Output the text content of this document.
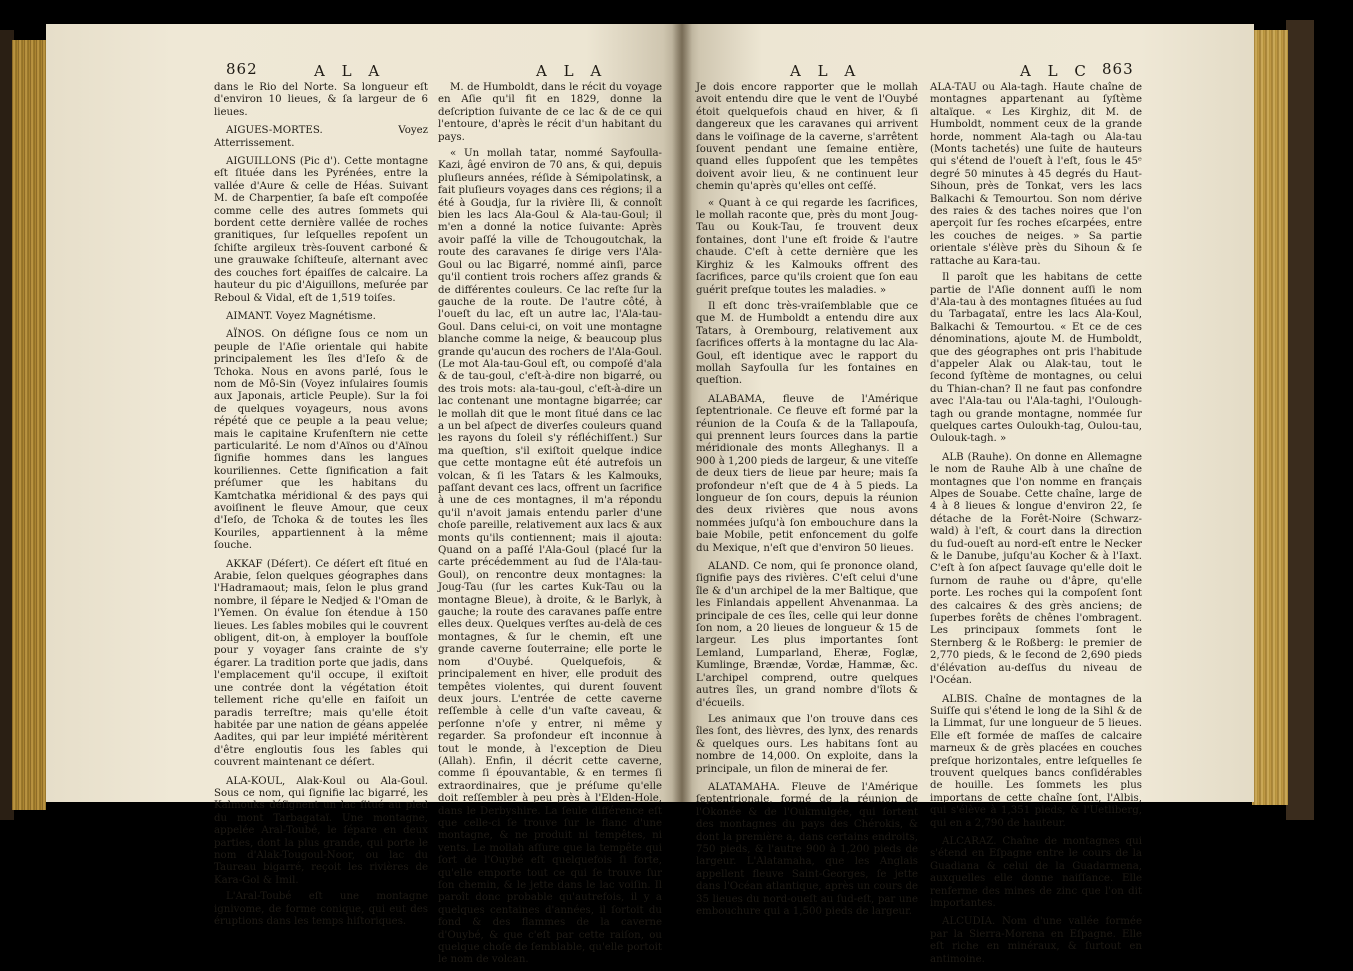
862	A L A	A L A

dans le Rio del Norte. Sa longueur eſt d'environ 10 lieues, & ſa largeur de 6 lieues.

AIGUES-MORTES. Voyez Atterrissement.

AIGUILLONS (Pic d'). Cette montagne eſt ſituée dans les Pyrénées, entre la vallée d'Aure & celle de Héas. Suivant M. de Charpentier, ſa baſe eſt compoſée comme celle des autres ſommets qui bordent cette dernière vallée de roches granitiques, ſur leſquelles repoſent un ſchiſte argileux très-ſouvent carboné & une grauwake ſchiſteuſe, alternant avec des couches fort épaiſſes de calcaire. La hauteur du pic d'Aiguillons, meſurée par Reboul & Vidal, eſt de 1,519 toiſes.

AIMANT. Voyez Magnétisme.

AÏNOS. On déſigne ſous ce nom un peuple de l'Aſie orientale qui habite principalement les îles d'Ieſo & de Tchoka. Nous en avons parlé, ſous le nom de Mô-Sin (Voyez inſulaires ſoumis aux Japonais, article Peuple). Sur la foi de quelques voyageurs, nous avons répété que ce peuple a la peau velue; mais le capitaine Krufenſtern nie cette particularité. Le nom d'Aïnos ou d'Aïnou ſignifie hommes dans les langues kouriliennes. Cette ſignification a fait préſumer que les habitans du Kamtchatka méridional & des pays qui avoiſinent le fleuve Amour, que ceux d'Ieſo, de Tchoka & de toutes les îles Kouriles, appartiennent à la même ſouche.

AKKAF (Déſert). Ce déſert eſt ſitué en Arabie, ſelon quelques géographes dans l'Hadramaout; mais, ſelon le plus grand nombre, il ſépare le Nedjed & l'Oman de l'Yemen. On évalue ſon étendue à 150 lieues. Les ſables mobiles qui le couvrent obligent, dit-on, à employer la bouſſole pour y voyager ſans crainte de s'y égarer. La tradition porte que jadis, dans l'emplacement qu'il occupe, il exiſtoit une contrée dont la végétation étoit tellement riche qu'elle en faiſoit un paradis terreſtre; mais qu'elle étoit habitée par une nation de géans appelée Aadites, qui par leur impiété méritèrent d'être engloutis ſous les ſables qui couvrent maintenant ce déſert.

ALA-KOUL, Alak-Koul ou Ala-Goul. Sous ce nom, qui ſignifie lac bigarré, les Kalmouks déſignent un lac ſitué au pied du mont Tarbagataï. Une montagne, appelée Aral-Toubé, le ſépare en deux parties, dont la plus grande, qui porte le nom d'Alak-Tougoul-Noor, ou lac du Taureau bigarré, reçoit les rivières de Kara-Gol & Imil.

L'Aral-Toubé eſt une montagne ignivome, de forme conique, qui eut des éruptions dans les temps hiſtoriques.

M. de Humboldt, dans le récit du voyage en Aſie qu'il fit en 1829, donne la deſcription ſuivante de ce lac & de ce qui l'entoure, d'après le récit d'un habitant du pays.

« Un mollah tatar, nommé Sayfoulla-Kazi, âgé environ de 70 ans, & qui, depuis pluſieurs années, réſide à Sémipolatinsk, a fait pluſieurs voyages dans ces régions; il a été à Goudja, ſur la rivière Ili, & connoît bien les lacs Ala-Goul & Ala-tau-Goul; il m'en a donné la notice ſuivante: Après avoir paſſé la ville de Tchougoutchak, la route des caravanes ſe dirige vers l'Ala-Goul ou lac Bigarré, nommé ainſi, parce qu'il contient trois rochers aſſez grands & de différentes couleurs. Ce lac reſte ſur la gauche de la route. De l'autre côté, à l'oueſt du lac, eſt un autre lac, l'Ala-tau-Goul. Dans celui-ci, on voit une montagne blanche comme la neige, & beaucoup plus grande qu'aucun des rochers de l'Ala-Goul. (Le mot Ala-tau-Goul eſt, ou compoſé d'ala & de tau-goul, c'eſt-à-dire non bigarré, ou des trois mots: ala-tau-goul, c'eſt-à-dire un lac contenant une montagne bigarrée; car le mollah dit que le mont ſitué dans ce lac a un bel aſpect de diverſes couleurs quand les rayons du ſoleil s'y réfléchiſſent.) Sur ma queſtion, s'il exiſtoit quelque indice que cette montagne eût été autrefois un volcan, & ſi les Tatars & les Kalmouks, paſſant devant ces lacs, offrent un ſacrifice à une de ces montagnes, il m'a répondu qu'il n'avoit jamais entendu parler d'une choſe pareille, relativement aux lacs & aux monts qu'ils contiennent; mais il ajouta: Quand on a paſſé l'Ala-Goul (placé ſur la carte précédemment au ſud de l'Ala-tau-Goul), on rencontre deux montagnes: la Joug-Tau (ſur les cartes Kuk-Tau ou la montagne Bleue), à droite, & le Barlyk, à gauche; la route des caravanes paſſe entre elles deux. Quelques verſtes au-delà de ces montagnes, & ſur le chemin, eſt une grande caverne ſouterraine; elle porte le nom d'Ouybé. Quelquefois, & principalement en hiver, elle produit des tempêtes violentes, qui durent ſouvent deux jours. L'entrée de cette caverne reſſemble à celle d'un vaſte caveau, & perſonne n'oſe y entrer, ni même y regarder. Sa profondeur eſt inconnue à tout le monde, à l'exception de Dieu (Allah). Enfin, il décrit cette caverne, comme ſi épouvantable, & en termes ſi extraordinaires, que je préſume qu'elle doit reſſembler à peu près à l'Elden-Hole, dans le Derbyshire. La ſeule différence eſt que celle-ci ſe trouve ſur le flanc d'une montagne, & ne produit ni tempêtes, ni vents. Le mollah aſſure que la tempête qui ſort de l'Ouybé eſt quelquefois ſi forte, qu'elle emporte tout ce qui ſe trouve ſur ſon chemin, & le jette dans le lac voiſin. Il paroît donc probable qu'autrefois, il y a quelques centaines d'années, il ſortoit du fond & des flammes de la caverne d'Ouybé, & que c'eſt par cette raiſon, ou quelque choſe de ſemblable, qu'elle portoit le nom de volcan.

A L A	A L C 863

Je dois encore rapporter que le mollah avoit entendu dire que le vent de l'Ouybé étoit quelquefois chaud en hiver, & ſi dangereux que les caravanes qui arrivent dans le voiſinage de la caverne, s'arrêtent ſouvent pendant une ſemaine entière, quand elles ſuppoſent que les tempêtes doivent avoir lieu, & ne continuent leur chemin qu'après qu'elles ont ceſſé.

« Quant à ce qui regarde les ſacrifices, le mollah raconte que, près du mont Joug-Tau ou Kouk-Tau, ſe trouvent deux fontaines, dont l'une eſt froide & l'autre chaude. C'eſt à cette dernière que les Kirghiz & les Kalmouks offrent des ſacrifices, parce qu'ils croient que ſon eau guérit preſque toutes les maladies. »

Il eſt donc très-vraiſemblable que ce que M. de Humboldt a entendu dire aux Tatars, à Orembourg, relativement aux ſacrifices offerts à la montagne du lac Ala-Goul, eſt identique avec le rapport du mollah Sayfoulla ſur les fontaines en queſtion.

ALABAMA, fleuve de l'Amérique ſeptentrionale. Ce fleuve eſt formé par la réunion de la Couſa & de la Tallapouſa, qui prennent leurs ſources dans la partie méridionale des monts Alleghanys. Il a 900 à 1,200 pieds de largeur, & une viteſſe de deux tiers de lieue par heure; mais ſa profondeur n'eſt que de 4 à 5 pieds. La longueur de ſon cours, depuis la réunion des deux rivières que nous avons nommées juſqu'à ſon embouchure dans la baie Mobile, petit enfoncement du golfe du Mexique, n'eſt que d'environ 50 lieues.

ALAND. Ce nom, qui ſe prononce oland, ſignifie pays des rivières. C'eſt celui d'une île & d'un archipel de la mer Baltique, que les Finlandais appellent Ahvenanmaa. La principale de ces îles, celle qui leur donne ſon nom, a 20 lieues de longueur & 15 de largeur. Les plus importantes ſont Lemland, Lumparland, Eheræ, Foglæ, Kumlinge, Brændæ, Vordæ, Hammæ, &c. L'archipel comprend, outre quelques autres îles, un grand nombre d'îlots & d'écueils.

Les animaux que l'on trouve dans ces îles ſont, des lièvres, des lynx, des renards & quelques ours. Les habitans ſont au nombre de 14,000. On exploite, dans la principale, un filon de minerai de fer.

ALATAMAHA. Fleuve de l'Amérique ſeptentrionale, formé de la réunion de l'Okonée & de l'Oukmulgée, qui ſortent des montagnes du pays des Chérokis, & dont la première a, dans certains endroits, 750 pieds, & l'autre 900 à 1,200 pieds de largeur. L'Alatamaha, que les Anglais appellent fleuve Saint-Georges, ſe jette dans l'Océan atlantique, après un cours de 35 lieues du nord-oueſt au ſud-eſt, par une embouchure qui a 1,500 pieds de largeur.

ALA-TAU ou Ala-tagh. Haute chaîne de montagnes appartenant au ſyſtème altaïque. « Les Kirghiz, dit M. de Humboldt, nomment ceux de la grande horde, nomment Ala-tagh ou Ala-tau (Monts tachetés) une ſuite de hauteurs qui s'étend de l'oueſt à l'eſt, ſous le 45ᵉ degré 50 minutes à 45 degrés du Haut-Sihoun, près de Tonkat, vers les lacs Balkachi & Temourtou. Son nom dérive des raies & des taches noires que l'on aperçoit ſur ſes roches eſcarpées, entre les couches de neiges. » Sa partie orientale s'élève près du Sihoun & ſe rattache au Kara-tau.

Il paroît que les habitans de cette partie de l'Aſie donnent auſſi le nom d'Ala-tau à des montagnes ſituées au ſud du Tarbagataï, entre les lacs Ala-Koul, Balkachi & Temourtou. « Et ce de ces dénominations, ajoute M. de Humboldt, que des géographes ont pris l'habitude d'appeler Alak ou Alak-tau, tout le ſecond ſyſtème de montagnes, ou celui du Thian-chan? Il ne faut pas confondre avec l'Ala-tau ou l'Ala-taghi, l'Oulough-tagh ou grande montagne, nommée ſur quelques cartes Ouloukh-tag, Oulou-tau, Oulouk-tagh. »

ALB (Rauhe). On donne en Allemagne le nom de Rauhe Alb à une chaîne de montagnes que l'on nomme en français Alpes de Souabe. Cette chaîne, large de 4 à 8 lieues & longue d'environ 22, ſe détache de la Forêt-Noire (Schwarz-wald) à l'eſt, & court dans la direction du ſud-oueſt au nord-eſt entre le Necker & le Danube, juſqu'au Kocher & à l'Iaxt. C'eſt à ſon aſpect ſauvage qu'elle doit le ſurnom de rauhe ou d'âpre, qu'elle porte. Les roches qui la compoſent ſont des calcaires & des grès anciens; de ſuperbes forêts de chênes l'ombragent. Les principaux ſommets ſont le Sternberg & le Roßberg: le premier de 2,770 pieds, & le ſecond de 2,690 pieds d'élévation au-deſſus du niveau de l'Océan.

ALBIS. Chaîne de montagnes de la Suiſſe qui s'étend le long de la Sihl & de la Limmat, ſur une longueur de 5 lieues. Elle eſt formée de maſſes de calcaire marneux & de grès placées en couches preſque horizontales, entre leſquelles ſe trouvent quelques bancs conſidérables de houille. Les ſommets les plus importans de cette chaîne ſont, l'Albis, qui s'élève à 1,351 pieds, & l'Uetliberg, qui en a 2,790 de hauteur.

ALCARAZ. Chaîne de montagnes qui s'étend en Eſpagne entre le cours de la Guadiana & celui de la Guadarmena, auxquelles elle donne naiſſance. Elle renferme des mines de zinc que l'on dit importantes.

ALCUDIA. Nom d'une vallée formée par la Sierra-Morena en Eſpagne. Elle eſt riche en minéraux, & ſurtout en antimoine.
